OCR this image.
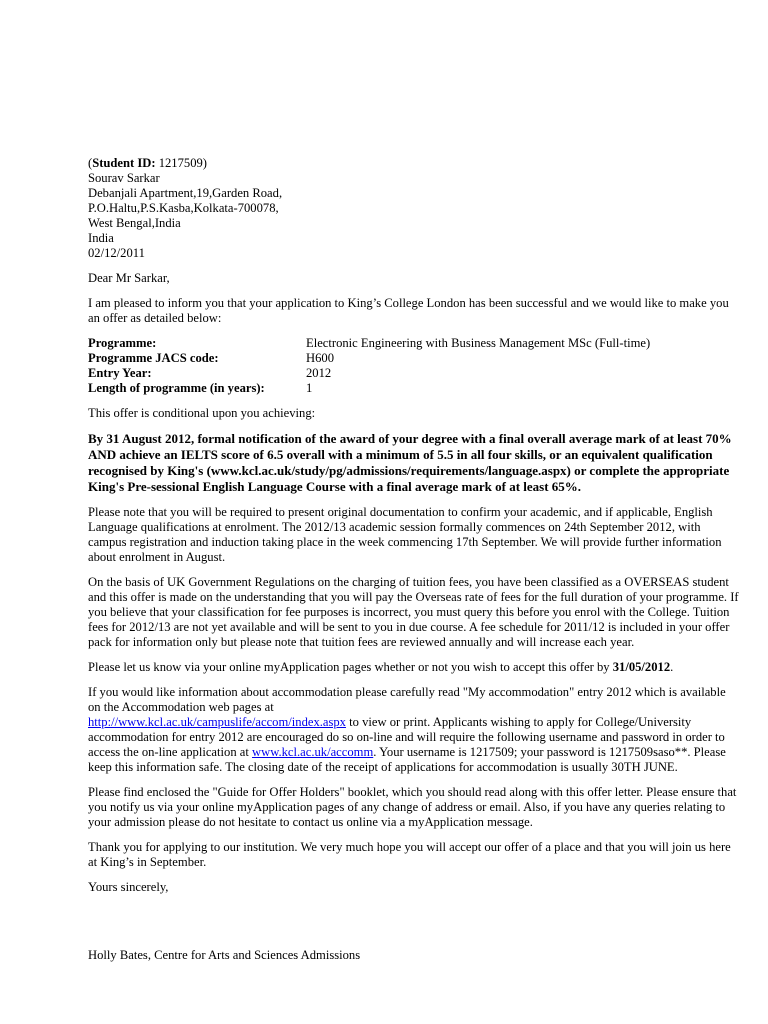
(Student ID: 1217509)
Sourav Sarkar
Debanjali Apartment,19,Garden Road,
P.O.Haltu,P.S.Kasba,Kolkata-700078,
West Bengal,India
India
02/12/2011

Dear Mr Sarkar,

I am pleased to inform you that your application to King’s College London has been successful and we would like to make you an offer as detailed below:

Programme:	Electronic Engineering with Business Management MSc (Full-time)
Programme JACS code:	H600
Entry Year:	2012
Length of programme (in years):	1

This offer is conditional upon you achieving:

By 31 August 2012, formal notification of the award of your degree with a final overall average mark of at least 70% AND achieve an IELTS score of 6.5 overall with a minimum of 5.5 in all four skills, or an equivalent qualification recognised by King's (www.kcl.ac.uk/study/pg/admissions/requirements/language.aspx) or complete the appropriate King's Pre-sessional English Language Course with a final average mark of at least 65%.

Please note that you will be required to present original documentation to confirm your academic, and if applicable, English Language qualifications at enrolment. The 2012/13 academic session formally commences on 24th September 2012, with campus registration and induction taking place in the week commencing 17th September. We will provide further information about enrolment in August.

On the basis of UK Government Regulations on the charging of tuition fees, you have been classified as a OVERSEAS student and this offer is made on the understanding that you will pay the Overseas rate of fees for the full duration of your programme. If you believe that your classification for fee purposes is incorrect, you must query this before you enrol with the College. Tuition fees for 2012/13 are not yet available and will be sent to you in due course. A fee schedule for 2011/12 is included in your offer pack for information only but please note that tuition fees are reviewed annually and will increase each year.

Please let us know via your online myApplication pages whether or not you wish to accept this offer by 31/05/2012.

If you would like information about accommodation please carefully read "My accommodation" entry 2012 which is available on the Accommodation web pages at
http://www.kcl.ac.uk/campuslife/accom/index.aspx to view or print. Applicants wishing to apply for College/University accommodation for entry 2012 are encouraged do so on-line and will require the following username and password in order to access the on-line application at www.kcl.ac.uk/accomm. Your username is 1217509; your password is 1217509saso**. Please keep this information safe. The closing date of the receipt of applications for accommodation is usually 30TH JUNE.

Please find enclosed the "Guide for Offer Holders" booklet, which you should read along with this offer letter. Please ensure that you notify us via your online myApplication pages of any change of address or email. Also, if you have any queries relating to your admission please do not hesitate to contact us online via a myApplication message.

Thank you for applying to our institution. We very much hope you will accept our offer of a place and that you will join us here at King’s in September.

Yours sincerely,

Holly Bates, Centre for Arts and Sciences Admissions
